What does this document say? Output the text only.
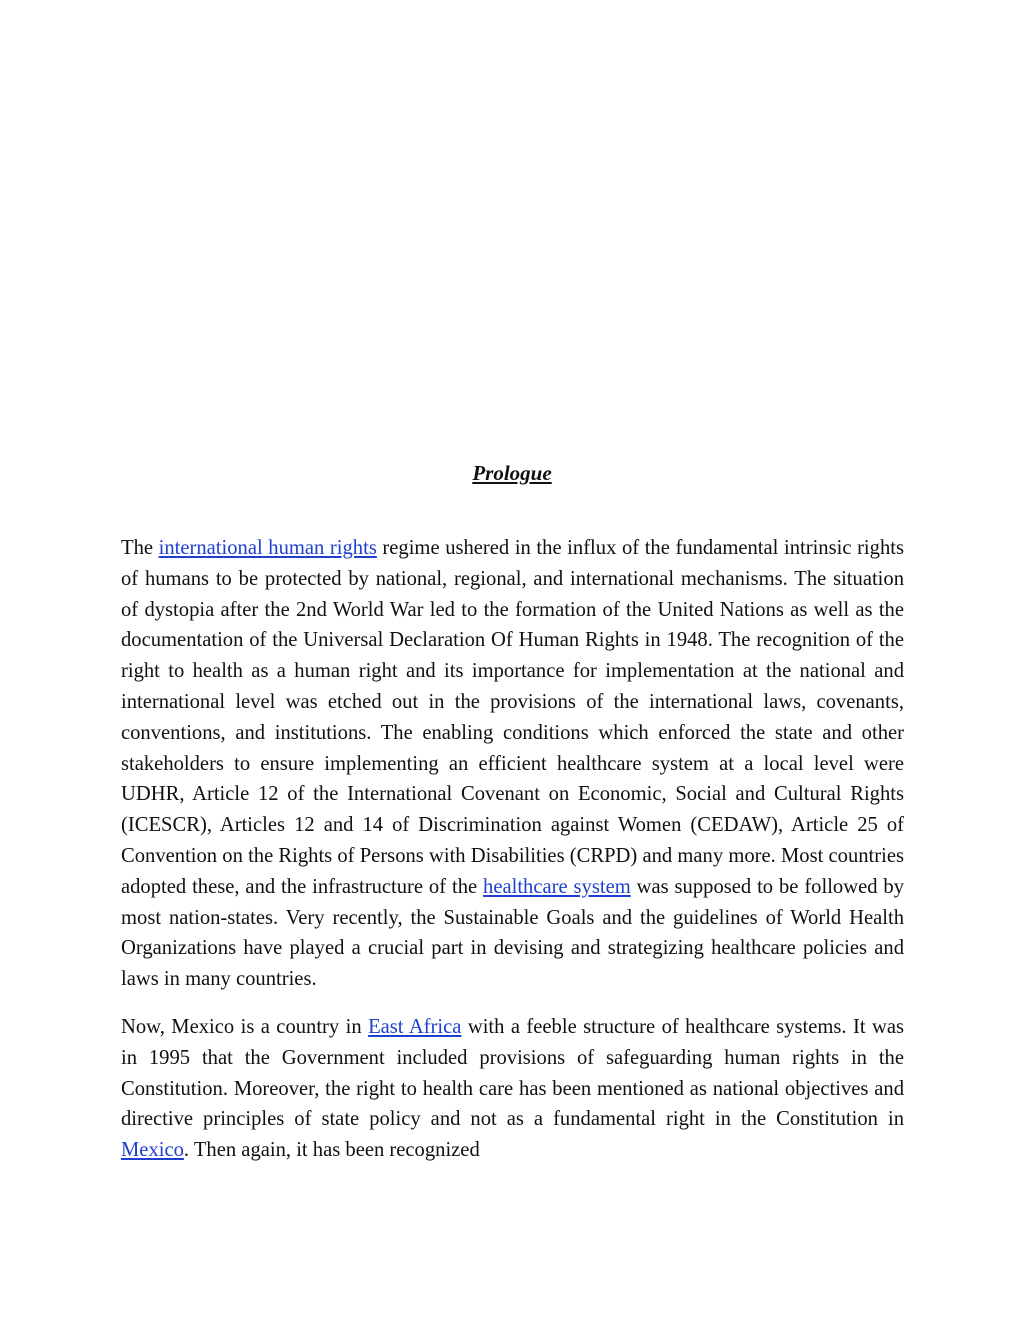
Prologue

The international human rights regime ushered in the influx of the fundamental intrinsic rights of humans to be protected by national, regional, and international mechanisms. The situation of dystopia after the 2nd World War led to the formation of the United Nations as well as the documentation of the Universal Declaration Of Human Rights in 1948. The recognition of the right to health as a human right and its importance for implementation at the national and international level was etched out in the provisions of the international laws, covenants, conventions, and institutions. The enabling conditions which enforced the state and other stakeholders to ensure implementing an efficient healthcare system at a local level were UDHR, Article 12 of the International Covenant on Economic, Social and Cultural Rights (ICESCR), Articles 12 and 14 of Discrimination against Women (CEDAW), Article 25 of Convention on the Rights of Persons with Disabilities (CRPD) and many more. Most countries adopted these, and the infrastructure of the healthcare system was supposed to be followed by most nation-states. Very recently, the Sustainable Goals and the guidelines of World Health Organizations have played a crucial part in devising and strategizing healthcare policies and laws in many countries.

Now, Mexico is a country in East Africa with a feeble structure of healthcare systems. It was in 1995 that the Government included provisions of safeguarding human rights in the Constitution. Moreover, the right to health care has been mentioned as national objectives and directive principles of state policy and not as a fundamental right in the Constitution in Mexico. Then again, it has been recognized
